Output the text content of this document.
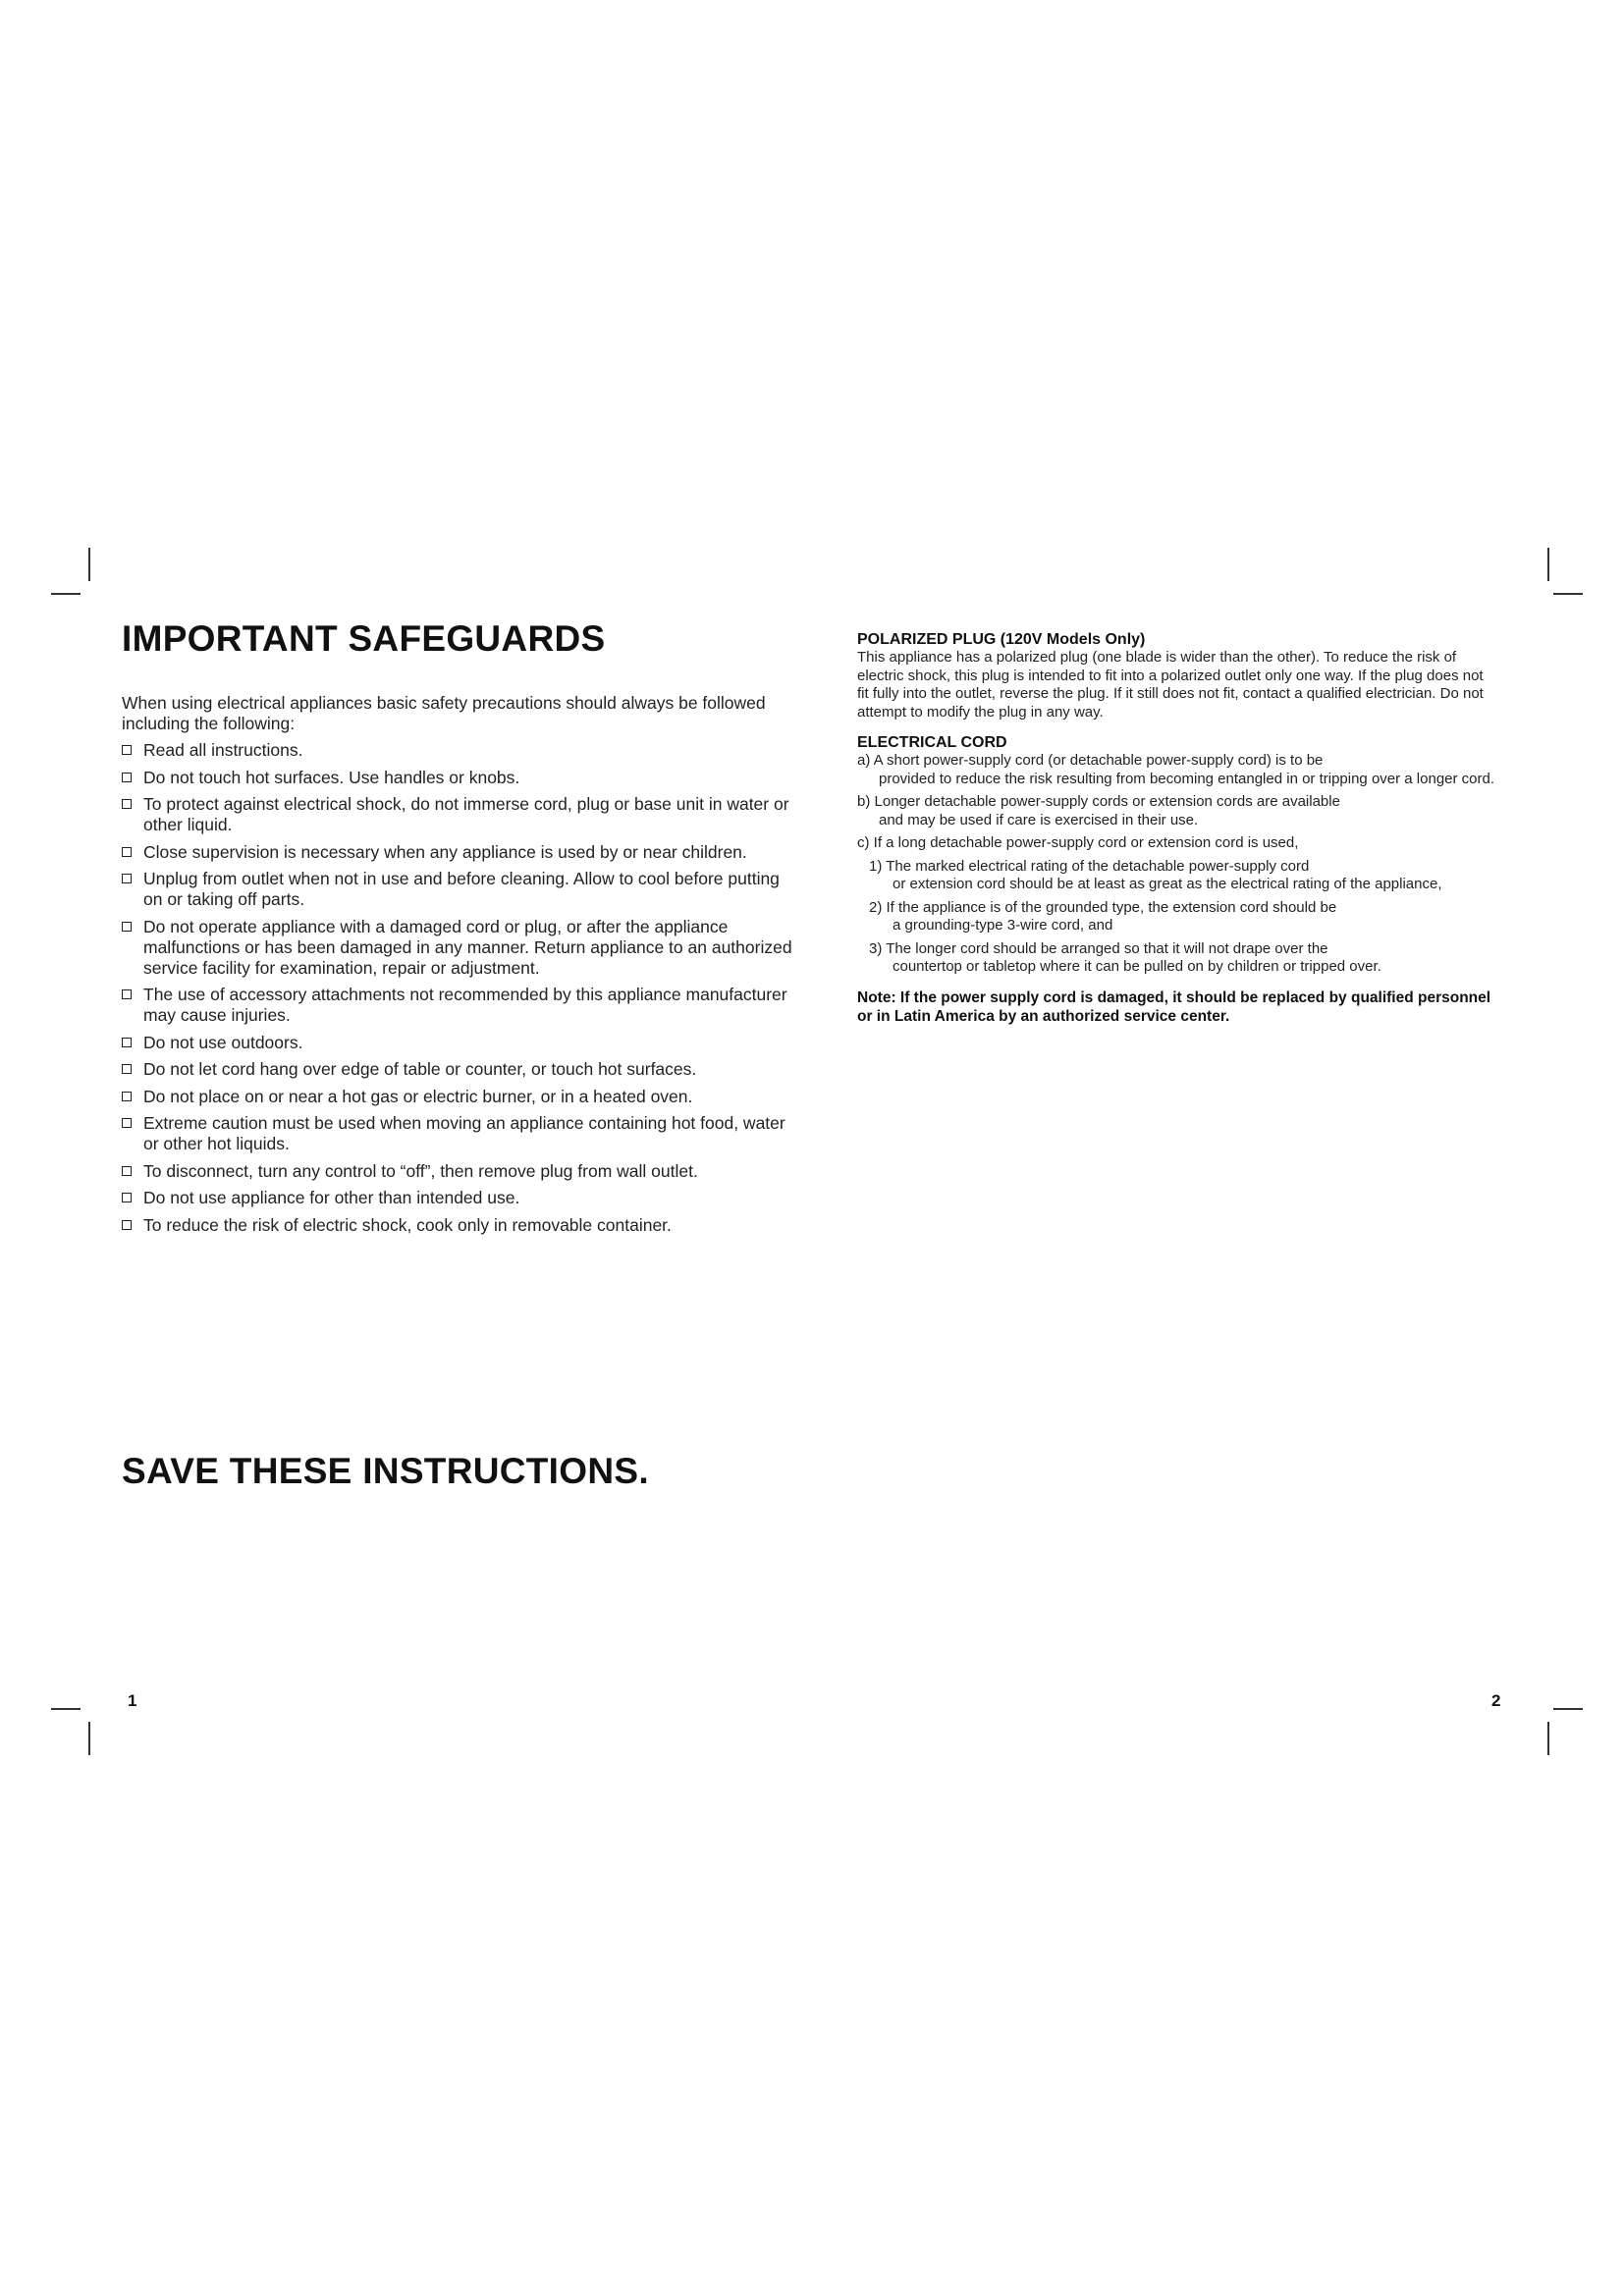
IMPORTANT SAFEGUARDS

When using electrical appliances basic safety precautions should always be followed including the following:

Read all instructions.
Do not touch hot surfaces. Use handles or knobs.
To protect against electrical shock, do not immerse cord, plug or base unit in water or other liquid.
Close supervision is necessary when any appliance is used by or near children.
Unplug from outlet when not in use and before cleaning. Allow to cool before putting on or taking off parts.
Do not operate appliance with a damaged cord or plug, or after the appliance malfunctions or has been damaged in any manner. Return appliance to an authorized service facility for examination, repair or adjustment.
The use of accessory attachments not recommended by this appliance manufacturer may cause injuries.
Do not use outdoors.
Do not let cord hang over edge of table or counter, or touch hot surfaces.
Do not place on or near a hot gas or electric burner, or in a heated oven.
Extreme caution must be used when moving an appliance containing hot food, water or other hot liquids.
To disconnect, turn any control to “off”, then remove plug from wall outlet.
Do not use appliance for other than intended use.
To reduce the risk of electric shock, cook only in removable container.
SAVE THESE INSTRUCTIONS.
1

POLARIZED PLUG (120V Models Only)

This appliance has a polarized plug (one blade is wider than the other). To reduce the risk of electric shock, this plug is intended to fit into a polarized outlet only one way. If the plug does not fit fully into the outlet, reverse the plug. If it still does not fit, contact a qualified electrician. Do not attempt to modify the plug in any way.

ELECTRICAL CORD

a) A short power-supply cord (or detachable power-supply cord) is to be
provided to reduce the risk resulting from becoming entangled in or tripping over a longer cord.
b) Longer detachable power-supply cords or extension cords are available
and may be used if care is exercised in their use.
c) If a long detachable power-supply cord or extension cord is used,
1) The marked electrical rating of the detachable power-supply cord
or extension cord should be at least as great as the electrical rating of the appliance,
2) If the appliance is of the grounded type, the extension cord should be
a grounding-type 3-wire cord, and
3) The longer cord should be arranged so that it will not drape over the
countertop or tabletop where it can be pulled on by children or tripped over.

Note: If the power supply cord is damaged, it should be replaced by qualified personnel or in Latin America by an authorized service center.

2
